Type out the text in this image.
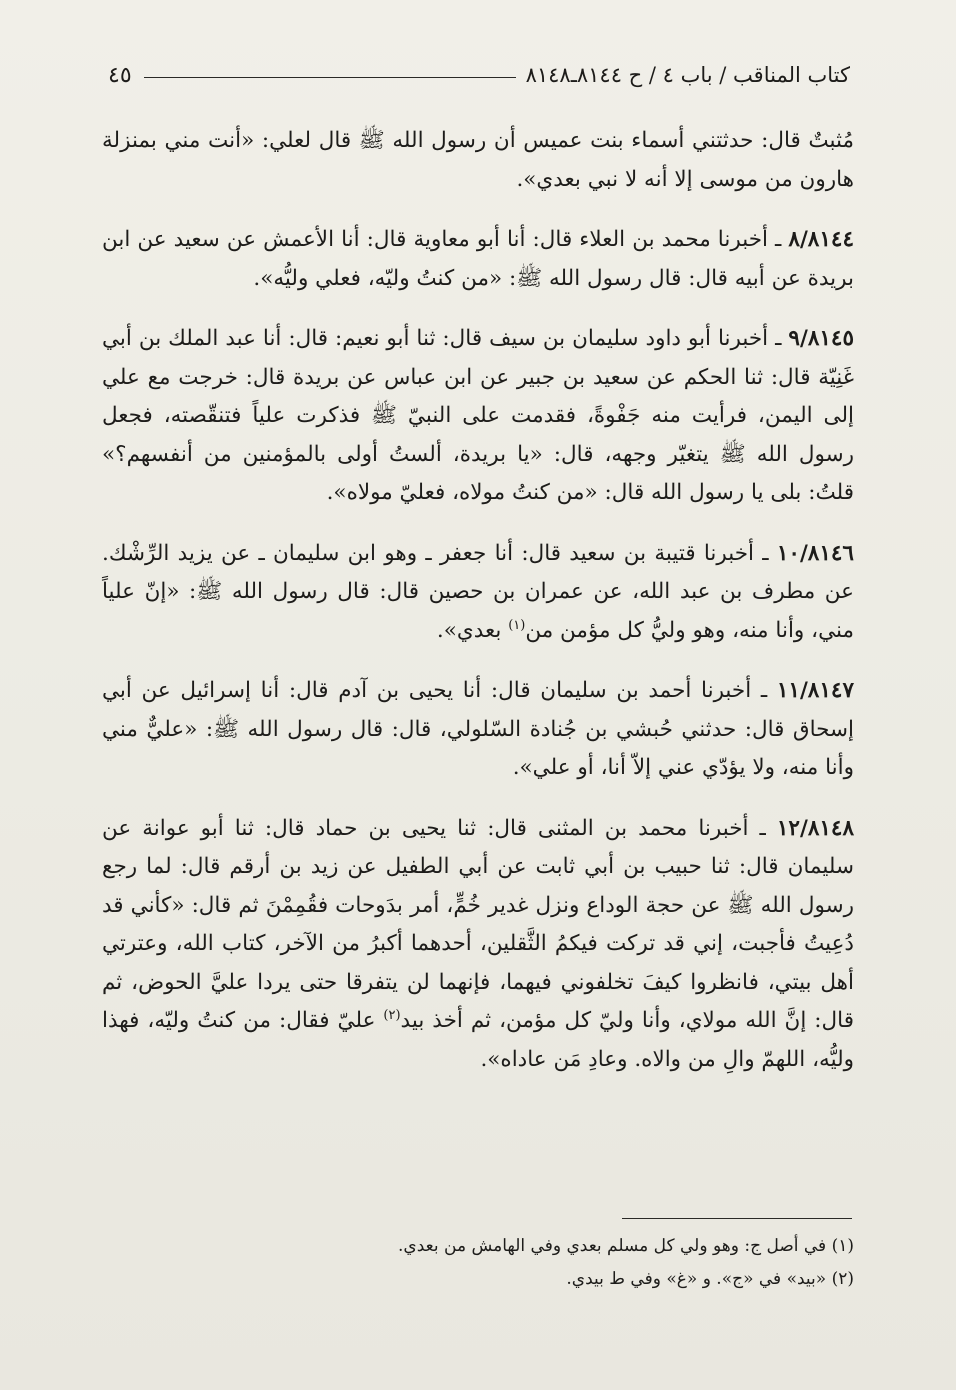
كتاب المناقب / باب ٤ / ح ٨١٤٤ـ٨١٤٨
٤٥

مُثبتٌ قال: حدثتني أسماء بنت عميس أن رسول الله ﷺ قال لعلي: «أنت مني بمنزلة هارون من موسى إلا أنه لا نبي بعدي».

٨/٨١٤٤ ـ أخبرنا محمد بن العلاء قال: أنا أبو معاوية قال: أنا الأعمش عن سعيد عن ابن بريدة عن أبيه قال: قال رسول الله ﷺ: «من كنتُ وليّه، فعلي وليُّه».

٩/٨١٤٥ ـ أخبرنا أبو داود سليمان بن سيف قال: ثنا أبو نعيم: قال: أنا عبد الملك بن أبي غَنِيّة قال: ثنا الحكم عن سعيد بن جبير عن ابن عباس عن بريدة قال: خرجت مع علي إلى اليمن، فرأيت منه جَفْوةً، فقدمت على النبيّ ﷺ فذكرت علياً فتنقّصته، فجعل رسول الله ﷺ يتغيّر وجهه، قال: «يا بريدة، ألستُ أولى بالمؤمنين من أنفسهم؟» قلتُ: بلى يا رسول الله قال: «من كنتُ مولاه، فعليّ مولاه».

١٠/٨١٤٦ ـ أخبرنا قتيبة بن سعيد قال: أنا جعفر ـ وهو ابن سليمان ـ عن يزيد الرِّشْك. عن مطرف بن عبد الله، عن عمران بن حصين قال: قال رسول الله ﷺ: «إنّ علياً مني، وأنا منه، وهو وليُّ كل مؤمن من$^{(١)}$ بعدي».

١١/٨١٤٧ ـ أخبرنا أحمد بن سليمان قال: أنا يحيى بن آدم قال: أنا إسرائيل عن أبي إسحاق قال: حدثني حُبشي بن جُنادة السّلولي، قال: قال رسول الله ﷺ: «عليٌّ مني وأنا منه، ولا يؤدّي عني إلاّ أنا، أو علي».

١٢/٨١٤٨ ـ أخبرنا محمد بن المثنى قال: ثنا يحيى بن حماد قال: ثنا أبو عوانة عن سليمان قال: ثنا حبيب بن أبي ثابت عن أبي الطفيل عن زيد بن أرقم قال: لما رجع رسول الله ﷺ عن حجة الوداع ونزل غدير خُمٍّ، أمر بدَوحات فقُمِمْنَ ثم قال: «كأني قد دُعِيتُ فأجبت، إني قد تركت فيكمُ الثَّقلين، أحدهما أكبرُ من الآخر، كتاب الله، وعترتي أهل بيتي، فانظروا كيفَ تخلفوني فيهما، فإنهما لن يتفرقا حتى يردا عليَّ الحوض، ثم قال: إنَّ الله مولاي، وأنا وليّ كل مؤمن، ثم أخذ بيد$^{(٢)}$ عليّ فقال: من كنتُ وليّه، فهذا وليُّه، اللهمّ والِ من والاه. وعادِ مَن عاداه».

(١) في أصل ج: وهو ولي كل مسلم بعدي وفي الهامش من بعدي.

(٢) «بيد» في «ج». و «غ» وفي ط بيدي.
